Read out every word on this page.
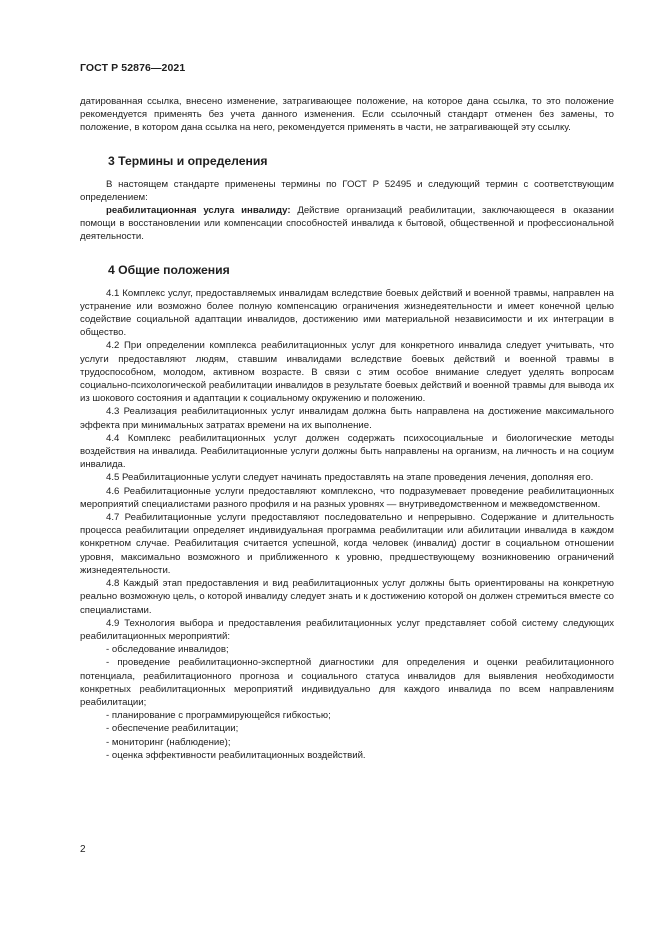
ГОСТ Р 52876—2021

датированная ссылка, внесено изменение, затрагивающее положение, на которое дана ссылка, то это положение рекомендуется применять без учета данного изменения. Если ссылочный стандарт отменен без замены, то положение, в котором дана ссылка на него, рекомендуется применять в части, не затрагивающей эту ссылку.

3 Термины и определения

В настоящем стандарте применены термины по ГОСТ Р 52495 и следующий термин с соответствующим определением:

реабилитационная услуга инвалиду: Действие организаций реабилитации, заключающееся в оказании помощи в восстановлении или компенсации способностей инвалида к бытовой, общественной и профессиональной деятельности.

4 Общие положения

4.1 Комплекс услуг, предоставляемых инвалидам вследствие боевых действий и военной травмы, направлен на устранение или возможно более полную компенсацию ограничения жизнедеятельности и имеет конечной целью содействие социальной адаптации инвалидов, достижению ими материальной независимости и их интеграции в общество.

4.2 При определении комплекса реабилитационных услуг для конкретного инвалида следует учитывать, что услуги предоставляют людям, ставшим инвалидами вследствие боевых действий и военной травмы в трудоспособном, молодом, активном возрасте. В связи с этим особое внимание следует уделять вопросам социально-психологической реабилитации инвалидов в результате боевых действий и военной травмы для вывода их из шокового состояния и адаптации к социальному окружению и положению.

4.3 Реализация реабилитационных услуг инвалидам должна быть направлена на достижение максимального эффекта при минимальных затратах времени на их выполнение.

4.4 Комплекс реабилитационных услуг должен содержать психосоциальные и биологические методы воздействия на инвалида. Реабилитационные услуги должны быть направлены на организм, на личность и на социум инвалида.

4.5 Реабилитационные услуги следует начинать предоставлять на этапе проведения лечения, дополняя его.

4.6 Реабилитационные услуги предоставляют комплексно, что подразумевает проведение реабилитационных мероприятий специалистами разного профиля и на разных уровнях — внутриведомственном и межведомственном.

4.7 Реабилитационные услуги предоставляют последовательно и непрерывно. Содержание и длительность процесса реабилитации определяет индивидуальная программа реабилитации или абилитации инвалида в каждом конкретном случае. Реабилитация считается успешной, когда человек (инвалид) достиг в социальном отношении уровня, максимально возможного и приближенного к уровню, предшествующему возникновению ограничений жизнедеятельности.

4.8 Каждый этап предоставления и вид реабилитационных услуг должны быть ориентированы на конкретную реально возможную цель, о которой инвалиду следует знать и к достижению которой он должен стремиться вместе со специалистами.

4.9 Технология выбора и предоставления реабилитационных услуг представляет собой систему следующих реабилитационных мероприятий:

- обследование инвалидов;

- проведение реабилитационно-экспертной диагностики для определения и оценки реабилитационного потенциала, реабилитационного прогноза и социального статуса инвалидов для выявления необходимости конкретных реабилитационных мероприятий индивидуально для каждого инвалида по всем направлениям реабилитации;

- планирование с программирующейся гибкостью;

- обеспечение реабилитации;

- мониторинг (наблюдение);

- оценка эффективности реабилитационных воздействий.

2
